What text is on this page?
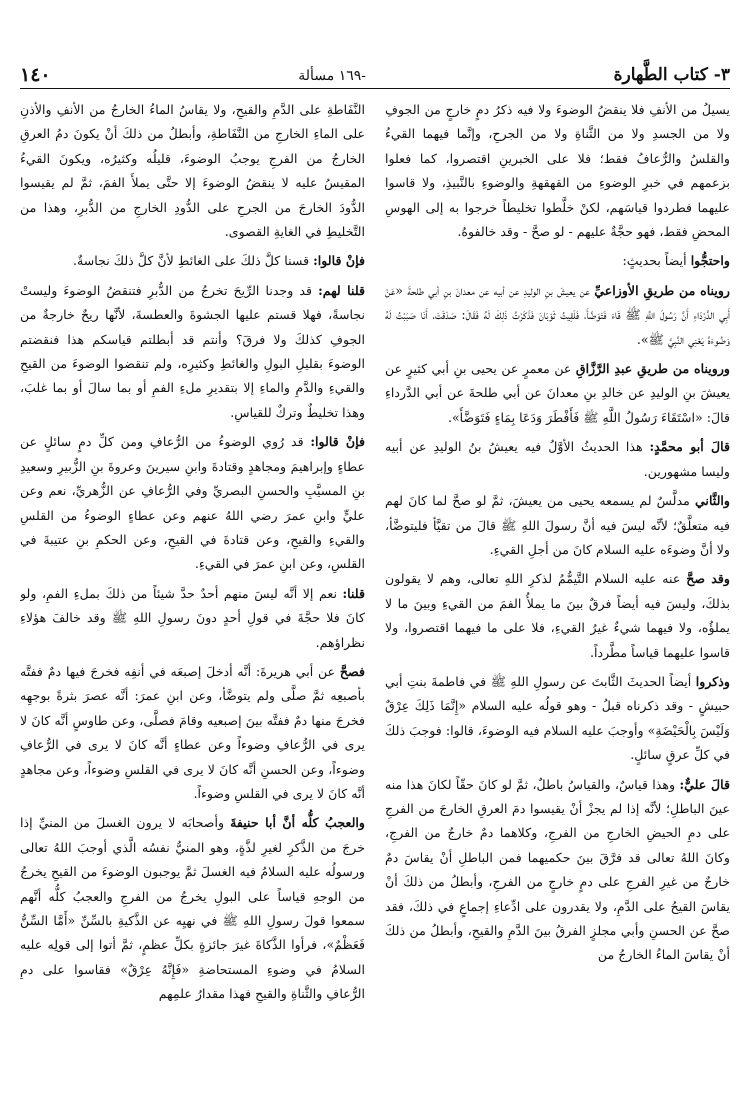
٣- كتاب الطَّهارة
-١٦٩ مسألة
١٤٠

يسيلُ من الأنفِ فلا ينقضُ الوضوءَ ولا فيه ذكرُ دمٍ خارجٍ من الجوفِ ولا من الجسدِ ولا من الثَّناةِ ولا من الجرحِ، وإنَّما فيهما القيءُ والقلسُ والرُّعافُ فقط؛ فلا على الخبرينِ اقتصروا، كما فعلوا بزعمهم في خبرِ الوضوءِ من القهقهةِ والوضوءِ بالنَّبيذِ، ولا قاسوا عليهما فطردوا قياسَهم، لكنْ خلَّطوا تخليطاً خرجوا به إلى الهوسِ المحضِ فقط، فهو حجَّةٌ عليهم - لو صحَّ - وقد خالفوهُ.

واحتجُّوا أيضاً بحديثٍ:

رويناه من طريقِ الأوزاعيِّ عن يعيشَ بنِ الوليدِ عن أبيه عن معدانَ بنِ أبي طلحةَ «عَنْ أَبِي الدَّرْدَاءِ أَنَّ رَسُولَ اللَّهِ ﷺ قَاءَ فَتَوَضَّأَ، فَلَقِيتُ ثَوْبَانَ فَذَكَرْتُ ذَلِكَ لَهُ فَقَالَ: صَدَقَتَ، أَنَا صَبَبْتُ لَهُ وَضُوءَهُ يَعْنِي النَّبِيَّ ﷺ».

ورويناه من طريقِ عبدِ الرَّزَّاقِ عن معمرٍ عن يحيى بنِ أبي كثيرٍ عن يعيشَ بنِ الوليدِ عن خالدِ بنِ معدانَ عن أبي طلحةَ عن أبي الدَّرداءِ قالَ: «اسْتَقَاءَ رَسُولُ اللَّهِ ﷺ فَأَفْطَرَ وَدَعَا بِمَاءٍ فَتَوَضَّأَ».

قالَ أبو محمَّدٍ: هذا الحديثُ الأوَّلُ فيه يعيشُ بنُ الوليدِ عن أبيه وليسا مشهورين.

والثَّاني مدلَّسٌ لم يسمعه يحيى من يعيشَ، ثمَّ لو صحَّ لما كانَ لهم فيه متعلَّقٌ؛ لأنَّه ليسَ فيه أنَّ رسولَ اللهِ ﷺ قالَ من تقيَّأ فليتوضَّأ، ولا أنَّ وضوءَه عليه السلام كانَ من أجلِ القيءِ.

وقد صحَّ عنه عليه السلام التَّيمُّمُ لذكرِ اللهِ تعالى، وهم لا يقولون بذلكَ، وليسَ فيه أيضاً فرقٌ بينَ ما يملأُ الفمَ من القيءِ وبينَ ما لا يملؤُه، ولا فيهما شيءٌ غيرُ القيءِ، فلا على ما فيهما اقتصروا، ولا قاسوا عليهما قياساً مطَّرداً.

وذكروا أيضاً الحديثَ الثَّابتَ عن رسولِ اللهِ ﷺ في فاطمةَ بنتِ أبي حبيشٍ - وقد ذكرناه قبلُ - وهو قولُه عليه السلام «إِنَّمَا ذَلِكَ عِرْقٌ وَلَيْسَ بِالْحَيْضَةِ» وأوجبَ عليه السلام فيه الوضوءَ، قالوا: فوجبَ ذلكَ في كلِّ عرقٍ سائلٍ.

قالَ عليٌّ: وهذا قياسٌ، والقياسُ باطلٌ، ثمَّ لو كانَ حقّاً لكانَ هذا منه عينَ الباطلِ؛ لأنَّه إذا لم يجزْ أنْ يقيسوا دمَ العرقِ الخارجَ من الفرجِ على دمِ الحيضِ الخارجِ من الفرجِ، وكلاهما دمٌ خارجٌ من الفرجِ، وكانَ اللهُ تعالى قد فرَّقَ بينَ حكميهما فمن الباطلِ أنْ يقاسَ دمٌ خارجٌ من غيرِ الفرجِ على دمٍ خارجٍ من الفرجِ، وأبطلُ من ذلكَ أنْ يقاسَ القيحُ على الدَّمِ، ولا يقدرون على ادِّعاءِ إجماعٍ في ذلكَ، فقد صحَّ عن الحسنِ وأبي مجلزٍ الفرقُ بينَ الدَّمِ والقيحِ، وأبطلُ من ذلكَ أنْ يقاسَ الماءُ الخارجُ من

النَّفَاطةِ على الدَّمِ والقيحِ، ولا يقاسُ الماءُ الخارجُ من الأنفِ والأذنِ على الماءِ الخارجِ من النَّفَاطةِ، وأبطلُ من ذلكَ أنْ يكونَ دمُ العرقِ الخارجُ من الفرجِ يوجبُ الوضوءَ، قليلُه وكثيرُه، ويكونَ القيءُ المقيسُ عليه لا ينقضُ الوضوءَ إلا حتَّى يملأَ الفمَ، ثمَّ لم يقيسوا الدُّودَ الخارجَ من الجرحِ على الدُّودِ الخارجِ من الدُّبرِ، وهذا من التَّخليطِ في الغايةِ القصوى.

فإنْ قالوا: قسنا كلَّ ذلكَ على الغائطِ لأنَّ كلَّ ذلكَ نجاسةٌ.

قلنا لهم: قد وجدنا الرِّيحَ تخرجُ من الدُّبرِ فتنقضُ الوضوءَ وليستْ نجاسةً، فهلا قستم عليها الجشوةَ والعطسةَ، لأنَّها ريحٌ خارجةٌ من الجوفِ كذلكَ ولا فرقَ؟ وأنتم قد أبطلتم قياسكم هذا فنقضتم الوضوءَ بقليلِ البولِ والغائطِ وكثيرِه، ولم تنقضوا الوضوءَ من القيحِ والقيءِ والدَّمِ والماءِ إلا بتقديرِ ملءِ الفمِ أو بما سالَ أو بما غلبَ، وهذا تخليطٌ وتركٌ للقياسِ.

فإنْ قالوا: قد رُوي الوضوءُ من الرُّعافِ ومن كلِّ دمٍ سائلٍ عن عطاءٍ وإبراهيمَ ومجاهدٍ وقتادةَ وابنِ سيرينَ وعروةَ بنِ الزُّبيرِ وسعيدِ بنِ المسيَّبِ والحسنِ البصريِّ وفي الرُّعافِ عن الزُّهريِّ، نعم وعن عليٍّ وابنِ عمرَ رضي اللهُ عنهم وعن عطاءٍ الوضوءُ من القلسِ والقيءِ والقيحِ، وعن قتادةَ في القيحِ، وعن الحكمِ بنِ عتيبةَ في القلسِ، وعن ابنِ عمرَ في القيءِ.

قلنا: نعم إلا أنَّه ليسَ منهم أحدٌ حدَّ شيئاً من ذلكَ بملءِ الفمِ، ولو كانَ فلا حجَّةَ في قولِ أحدٍ دونَ رسولِ اللهِ ﷺ وقد خالفَ هؤلاءِ نظراؤهم.

فصحَّ عن أبي هريرةَ: أنَّه أدخلَ إصبعَه في أنفِه فخرجَ فيها دمٌ ففتَّه بأصبعِه ثمَّ صلَّى ولم يتوضَّأ، وعن ابنِ عمرَ: أنَّه عصرَ بثرةً بوجهِه فخرجَ منها دمٌ ففتَّه بينَ إصبعيه وقامَ فصلَّى، وعن طاوسٍ أنَّه كانَ لا يرى في الرُّعافِ وضوءاً وعن عطاءٍ أنَّه كانَ لا يرى في الرُّعافِ وضوءاً، وعن الحسنِ أنَّه كانَ لا يرى في القلسِ وضوءاً، وعن مجاهدٍ أنَّه كانَ لا يرى في القلسِ وضوءاً.

والعجبُ كلُّه أنَّ أبا حنيفةَ وأصحابَه لا يرون الغسلَ من المنيِّ إذا خرجَ من الذَّكرِ لغيرِ لذَّةٍ، وهو المنيُّ نفسُه الَّذي أوجبَ اللهُ تعالى ورسولُه عليه السلامُ فيه الغسلَ ثمَّ يوجبون الوضوءَ من القيحِ يخرجُ من الوجهِ قياساً على البولِ يخرجُ من الفرجِ والعجبُ كلُّه أنَّهم سمعوا قولَ رسولِ اللهِ ﷺ في نهيِه عن الذَّكيةِ بالسِّنِّ «أَمَّا السِّنُّ فَعَظْمٌ»، فرأوا الذَّكاةَ غيرَ جائزةٍ بكلِّ عظمٍ، ثمَّ أتوا إلى قولِه عليه السلامُ في وضوءِ المستحاضةِ «فَإِنَّهُ عِرْقٌ» فقاسوا على دمِ الرُّعافِ والثَّناةِ والقيحِ فهذا مقدارُ علمِهم
